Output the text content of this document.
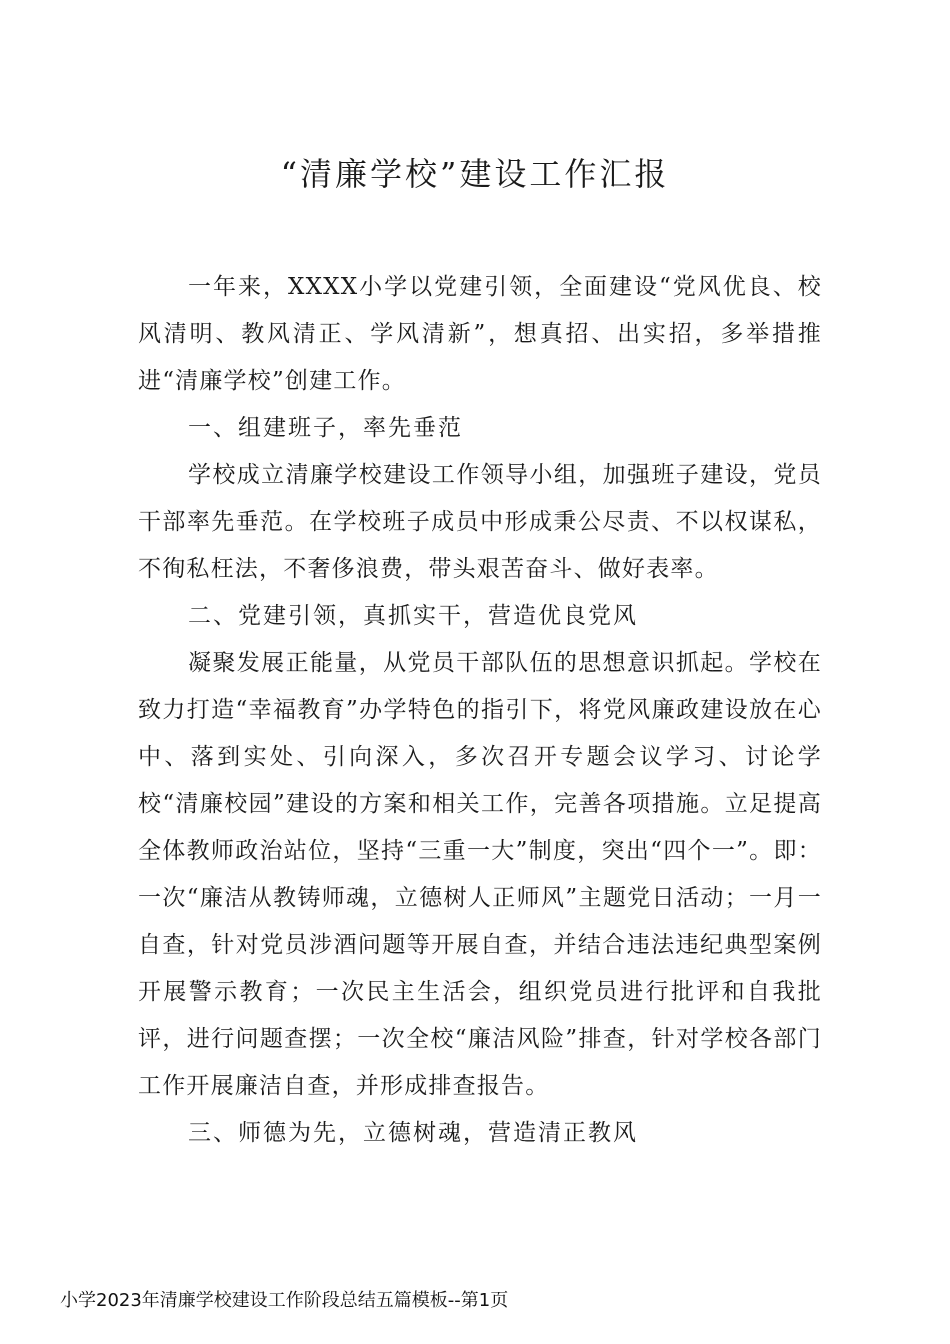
“清廉学校”建设工作汇报

一年来，XXXX小学以党建引领，全面建设“党风优良、校风清明、教风清正、学风清新”，想真招、出实招，多举措推进“清廉学校”创建工作。

一、组建班子，率先垂范

学校成立清廉学校建设工作领导小组，加强班子建设，党员干部率先垂范。在学校班子成员中形成秉公尽责、不以权谋私，不徇私枉法，不奢侈浪费，带头艰苦奋斗、做好表率。

二、党建引领，真抓实干，营造优良党风

凝聚发展正能量，从党员干部队伍的思想意识抓起。学校在致力打造“幸福教育”办学特色的指引下，将党风廉政建设放在心中、落到实处、引向深入，多次召开专题会议学习、讨论学校“清廉校园”建设的方案和相关工作，完善各项措施。立足提高全体教师政治站位，坚持“三重一大”制度，突出“四个一”。即：一次“廉洁从教铸师魂，立德树人正师风”主题党日活动；一月一自查，针对党员涉酒问题等开展自查，并结合违法违纪典型案例开展警示教育；一次民主生活会，组织党员进行批评和自我批评，进行问题查摆；一次全校“廉洁风险”排查，针对学校各部门工作开展廉洁自查，并形成排查报告。

三、师德为先，立德树魂，营造清正教风

小学2023年清廉学校建设工作阶段总结五篇模板--第1页
